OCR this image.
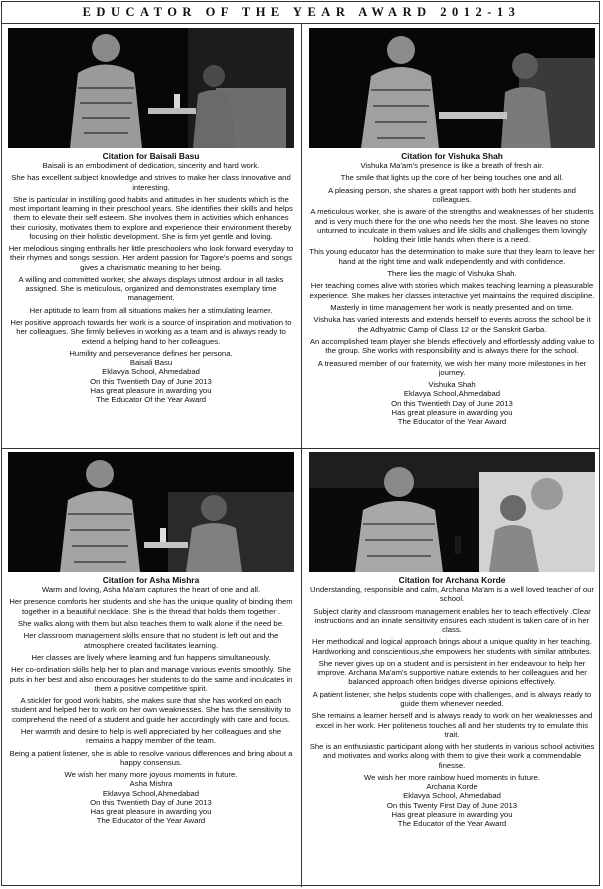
EDUCATOR OF THE YEAR AWARD 2012-13
Citation for Baisali Basu

Baisali is an embodiment of dedication, sincerity and hard work.

She has excellent subject knowledge and strives to make her class innovative and interesting.

She is particular in instilling good habits and attitudes in her students which is the most important learning in their preschool years. She identifies their skills and helps them to elevate their self esteem. She involves them in activities which enhances their curiosity, motivates them to explore and experience their environment thereby focusing on their holistic development. She is firm yet gentle and loving.

Her melodious singing enthralls her little preschoolers who look forward everyday to their rhymes and songs session. Her ardent passion for Tagore's poems and songs gives a charismatic meaning to her being.

A willing and committed worker, she always displays utmost ardour in all tasks assigned. She is meticulous, organized and demonstrates exemplary time management.

Her aptitude to learn from all situations makes her a stimulating learner.

Her positive approach towards her work is a source of inspiration and motivation to her colleagues. She firmly believes in working as a team and is always ready to extend a helping hand to her colleagues.

Humility and perseverance defines her persona.
Baisali Basu
Eklavya School, Ahmedabad
On this Twentieth Day of June 2013
Has great pleasure in awarding you
The Educator Of the Year Award
Citation for Vishuka Shah

Vishuka Ma'am's presence is like a breath of fresh air.

The smile that lights up the core of her being touches one and all.

A pleasing person, she shares a great rapport with both her students and colleagues.

A meticulous worker, she is aware of the strengths and weaknesses of her students and is very much there for the one who needs her the most. She leaves no stone unturned to inculcate in them values and life skills and challenges them lovingly holding their little hands when there is a need.

This young educator has the determination to make sure that they learn to leave her hand at the right time and walk independently and with confidence.

There lies the magic of Vishuka Shah.

Her teaching comes alive with stories which makes teaching learning a pleasurable experience. She makes her classes interactive yet maintains the required discipline.

Masterly in time management her work is neatly presented and on time.

Vishuka has varied interests and extends herself to events across the school be it the Adhyatmic Camp of Class 12 or the Sanskrit Garba.

An accomplished team player she blends effectively and effortlessly adding value to the group. She works with responsibility and is always there for the school.

A treasured member of our fraternity, we wish her many more milestones in her journey.

Vishuka Shah
Eklavya School,Ahmedabad
On this Twentieth Day of June 2013
Has great pleasure in awarding you
The Educator of the Year Award
Citation for Asha Mishra

Warm and loving, Asha Ma'am captures the heart of one and all.

Her presence comforts her students and she has the unique quality of binding them together in a beautiful necklace. She is the thread that holds them together .

She walks along with them but also teaches them to walk alone if the need be.

Her classroom management skills ensure that no student is left out and the atmosphere created facilitates learning.

Her classes are lively where learning and fun happens simultaneously.

Her co-ordination skills help her to plan and manage various events smoothly. She puts in her best and also encourages her students to do the same and inculcates in them a positive competitive spirit.

A stickler for good work habits, she makes sure that she has worked on each student and helped her to work on her own weaknesses. She has the sensitivity to comprehend the need of a student and guide her accordingly with care and focus.

Her warmth and desire to help is well appreciated by her colleagues and she remains a happy member of the team.

Being a patient listener, she is able to resolve various differences and bring about a happy consensus.

We wish her many more joyous moments in future.
Asha Mishra
Eklavya School,Ahmedabad
On this Twentieth Day of June 2013
Has great pleasure in awarding you
The Educator of the Year Award
Citation for Archana Korde

Understanding, responsible and calm, Archana Ma'am is a well loved teacher of our school.

Subject clarity and classroom management enables her to teach effectively .Clear instructions and an innate sensitivity ensures each student is taken care of in her class.

Her methodical and logical approach brings about a unique quality in her teaching. Hardworking and conscientious,she empowers her students with similar attributes.

She never gives up on a student and is persistent in her endeavour to help her improve. Archana Ma'am's supportive nature extends to her colleagues and her balanced approach often bridges diverse opinions effectively.

A patient listener, she helps students cope with challenges, and is always ready to guide them whenever needed.

She remains a learner herself and is always ready to work on her weaknesses and excel in her work. Her politeness touches all and her students try to emulate this trait.

She is an enthusiastic participant along with her students in various school activities and motivates and works along with them to give their work a commendable finesse.

We wish her more rainbow hued moments in future.
Archana Korde
Eklavya School, Ahmedabad
On this Twenty First Day of June 2013
Has great pleasure in awarding you
The Educator of the Year Award
